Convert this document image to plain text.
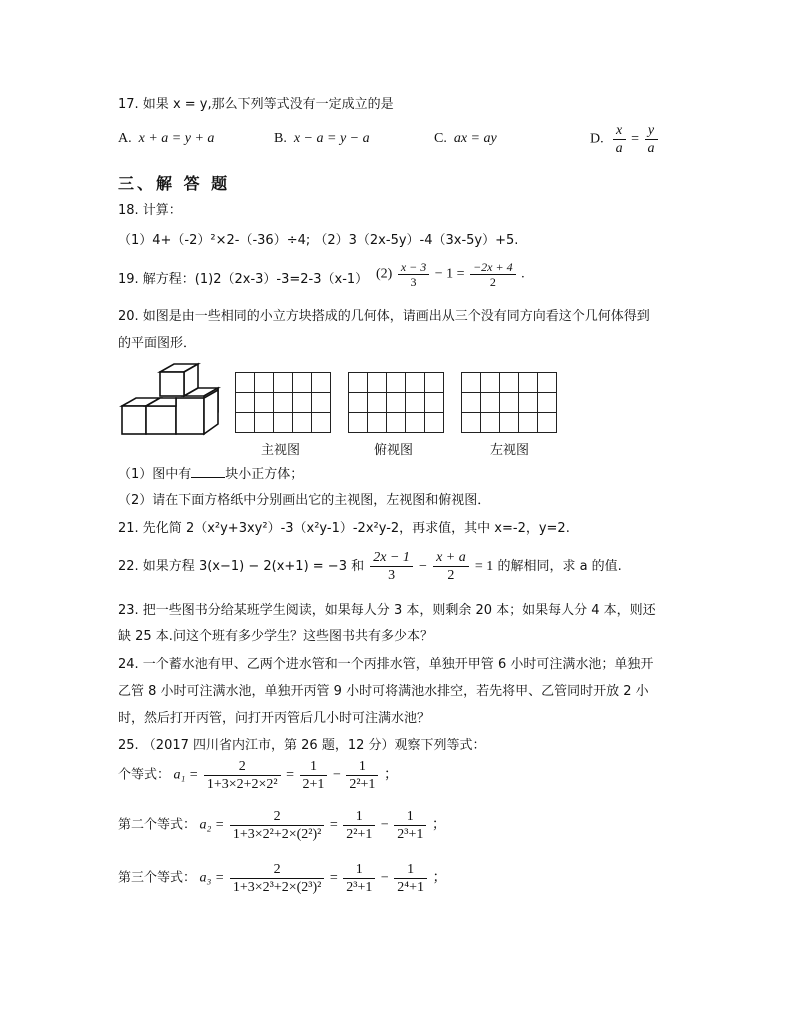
17. 如果 x = y,那么下列等式没有一定成立的是
A. x + a = y + a	B. x − a = y − a	C. ax = ay	D. $\frac{x}{a} = \frac{y}{a}$
三、解 答 题
18. 计算：
（1）4+（-2）²×2-（-36）÷4; （2）3（2x-5y）-4（3x-5y）+5.
19. 解方程：(1)2（2x-3）-3=2-3（x-1） $(2) \frac{x - 3}{3} - 1 = \frac{-2x + 4}{2}$ .
20. 如图是由一些相同的小立方块搭成的几何体，请画出从三个没有同方向看这个几何体得到
的平面图形．

主视图	俯视图	左视图
（1）图中有	块小正方体；
（2）请在下面方格纸中分别画出它的主视图，左视图和俯视图．
21. 先化简 2（x²y+3xy²）-3（x²y-1）-2x²y-2，再求值，其中 x=-2，y=2.
22. 如果方程 3(x−1) − 2(x+1) = −3 和 $\frac{2x - 1}{3} - \frac{x + a}{2} = 1$ 的解相同，求 a 的值.
23. 把一些图书分给某班学生阅读，如果每人分 3 本，则剩余 20 本；如果每人分 4 本，则还
缺 25 本.问这个班有多少学生？这些图书共有多少本？
24. 一个蓄水池有甲、乙两个进水管和一个丙排水管，单独开甲管 6 小时可注满水池；单独开
乙管 8 小时可注满水池，单独开丙管 9 小时可将满池水排空，若先将甲、乙管同时开放 2 小
时，然后打开丙管，问打开丙管后几小时可注满水池？
25. （2017 四川省内江市，第 26 题，12 分）观察下列等式：
个等式： $a_1 = \frac{2}{\text{1+3×2+2×2²}} = \frac{1}{2+1} - \frac{1}{\text{2²+1}}$ ；
第二个等式： $a_2 = \frac{2}{\text{1+3×2²+2×(2²)²}} = \frac{1}{\text{2²+1}} - \frac{1}{\text{2³+1}}$ ；
第三个等式： $a_3 = \frac{2}{\text{1+3×2³+2×(2³)²}} = \frac{1}{\text{2³+1}} - \frac{1}{\text{2⁴+1}}$ ；
